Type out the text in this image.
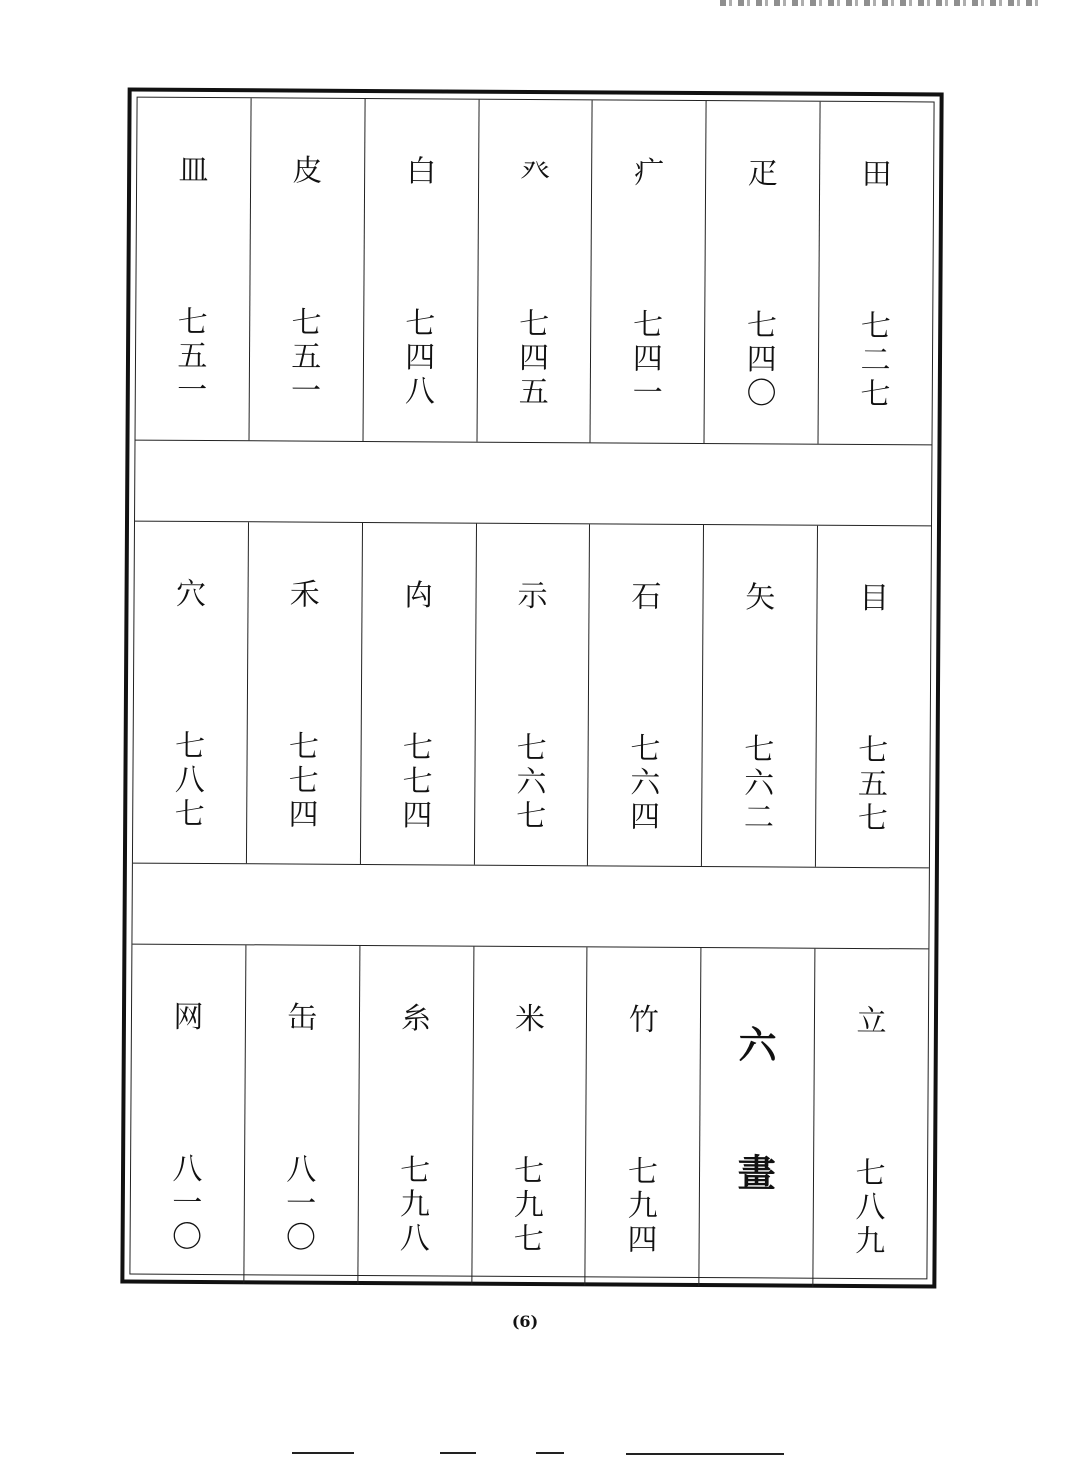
皿
七五一
皮
七五一
白
七四八
癶
七四五
疒
七四一
疋
七四〇
田
七二七
穴
七八七
禾
七七四
禸
七七四
示
七六七
石
七六四
矢
七六二
目
七五七
网
八一〇
缶
八一〇
糸
七九八
米
七九七
竹
七九四
六
畫
立
七八九
(6)
